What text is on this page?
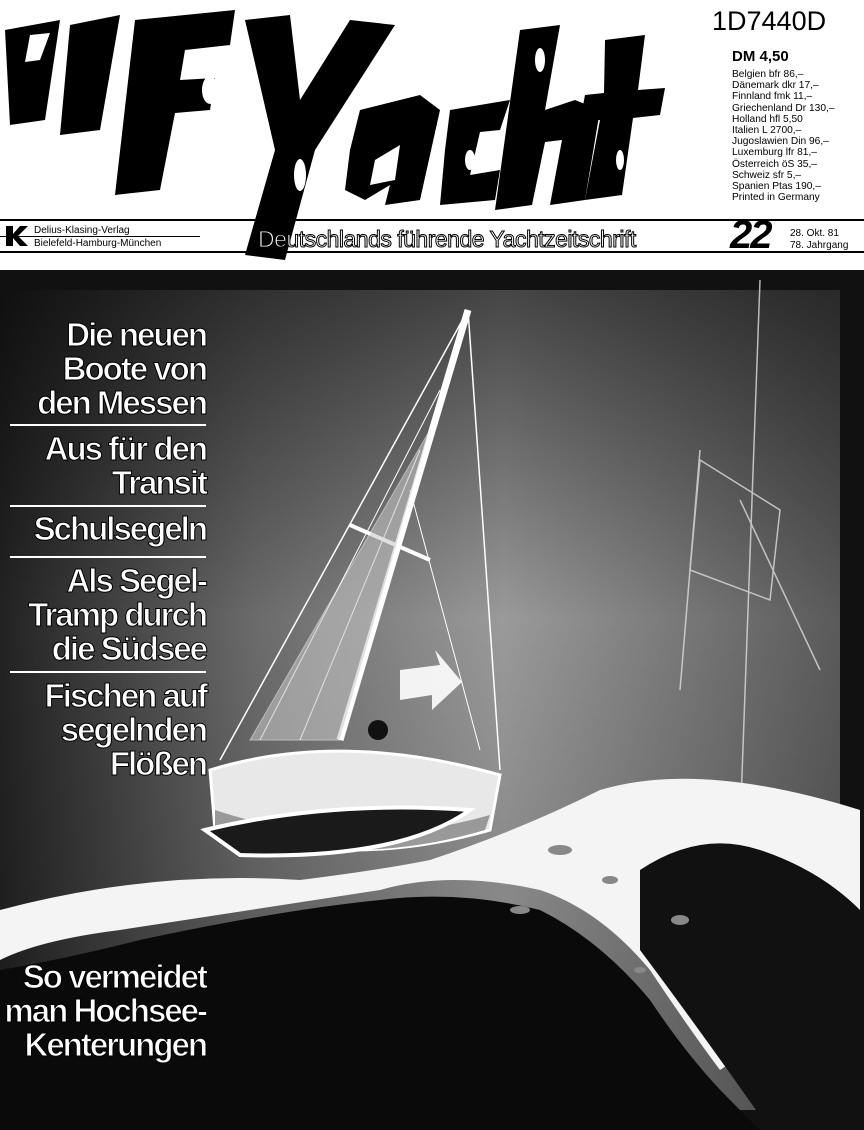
1D7440D
DM 4,50
Belgien bfr 86,–
Dänemark dkr 17,–
Finnland fmk 11,–
Griechenland Dr 130,–
Holland hfl 5,50
Italien L 2700,–
Jugoslawien Din 96,–
Luxemburg lfr 81,–
Österreich öS 35,–
Schweiz sfr 5,–
Spanien Ptas 190,–
Printed in Germany
Delius-Klasing-Verlag
Bielefeld-Hamburg-München	Deutschlands führende Yachtzeitschrift 22 28. Okt. 81
78. Jahrgang
Die neuen
Boote von
den Messen
Aus für den
Transit
Schulsegeln
Als Segel-
Tramp durch
die Südsee
Fischen auf
segelnden
Flößen
So vermeidet
man Hochsee-
Kenterungen
